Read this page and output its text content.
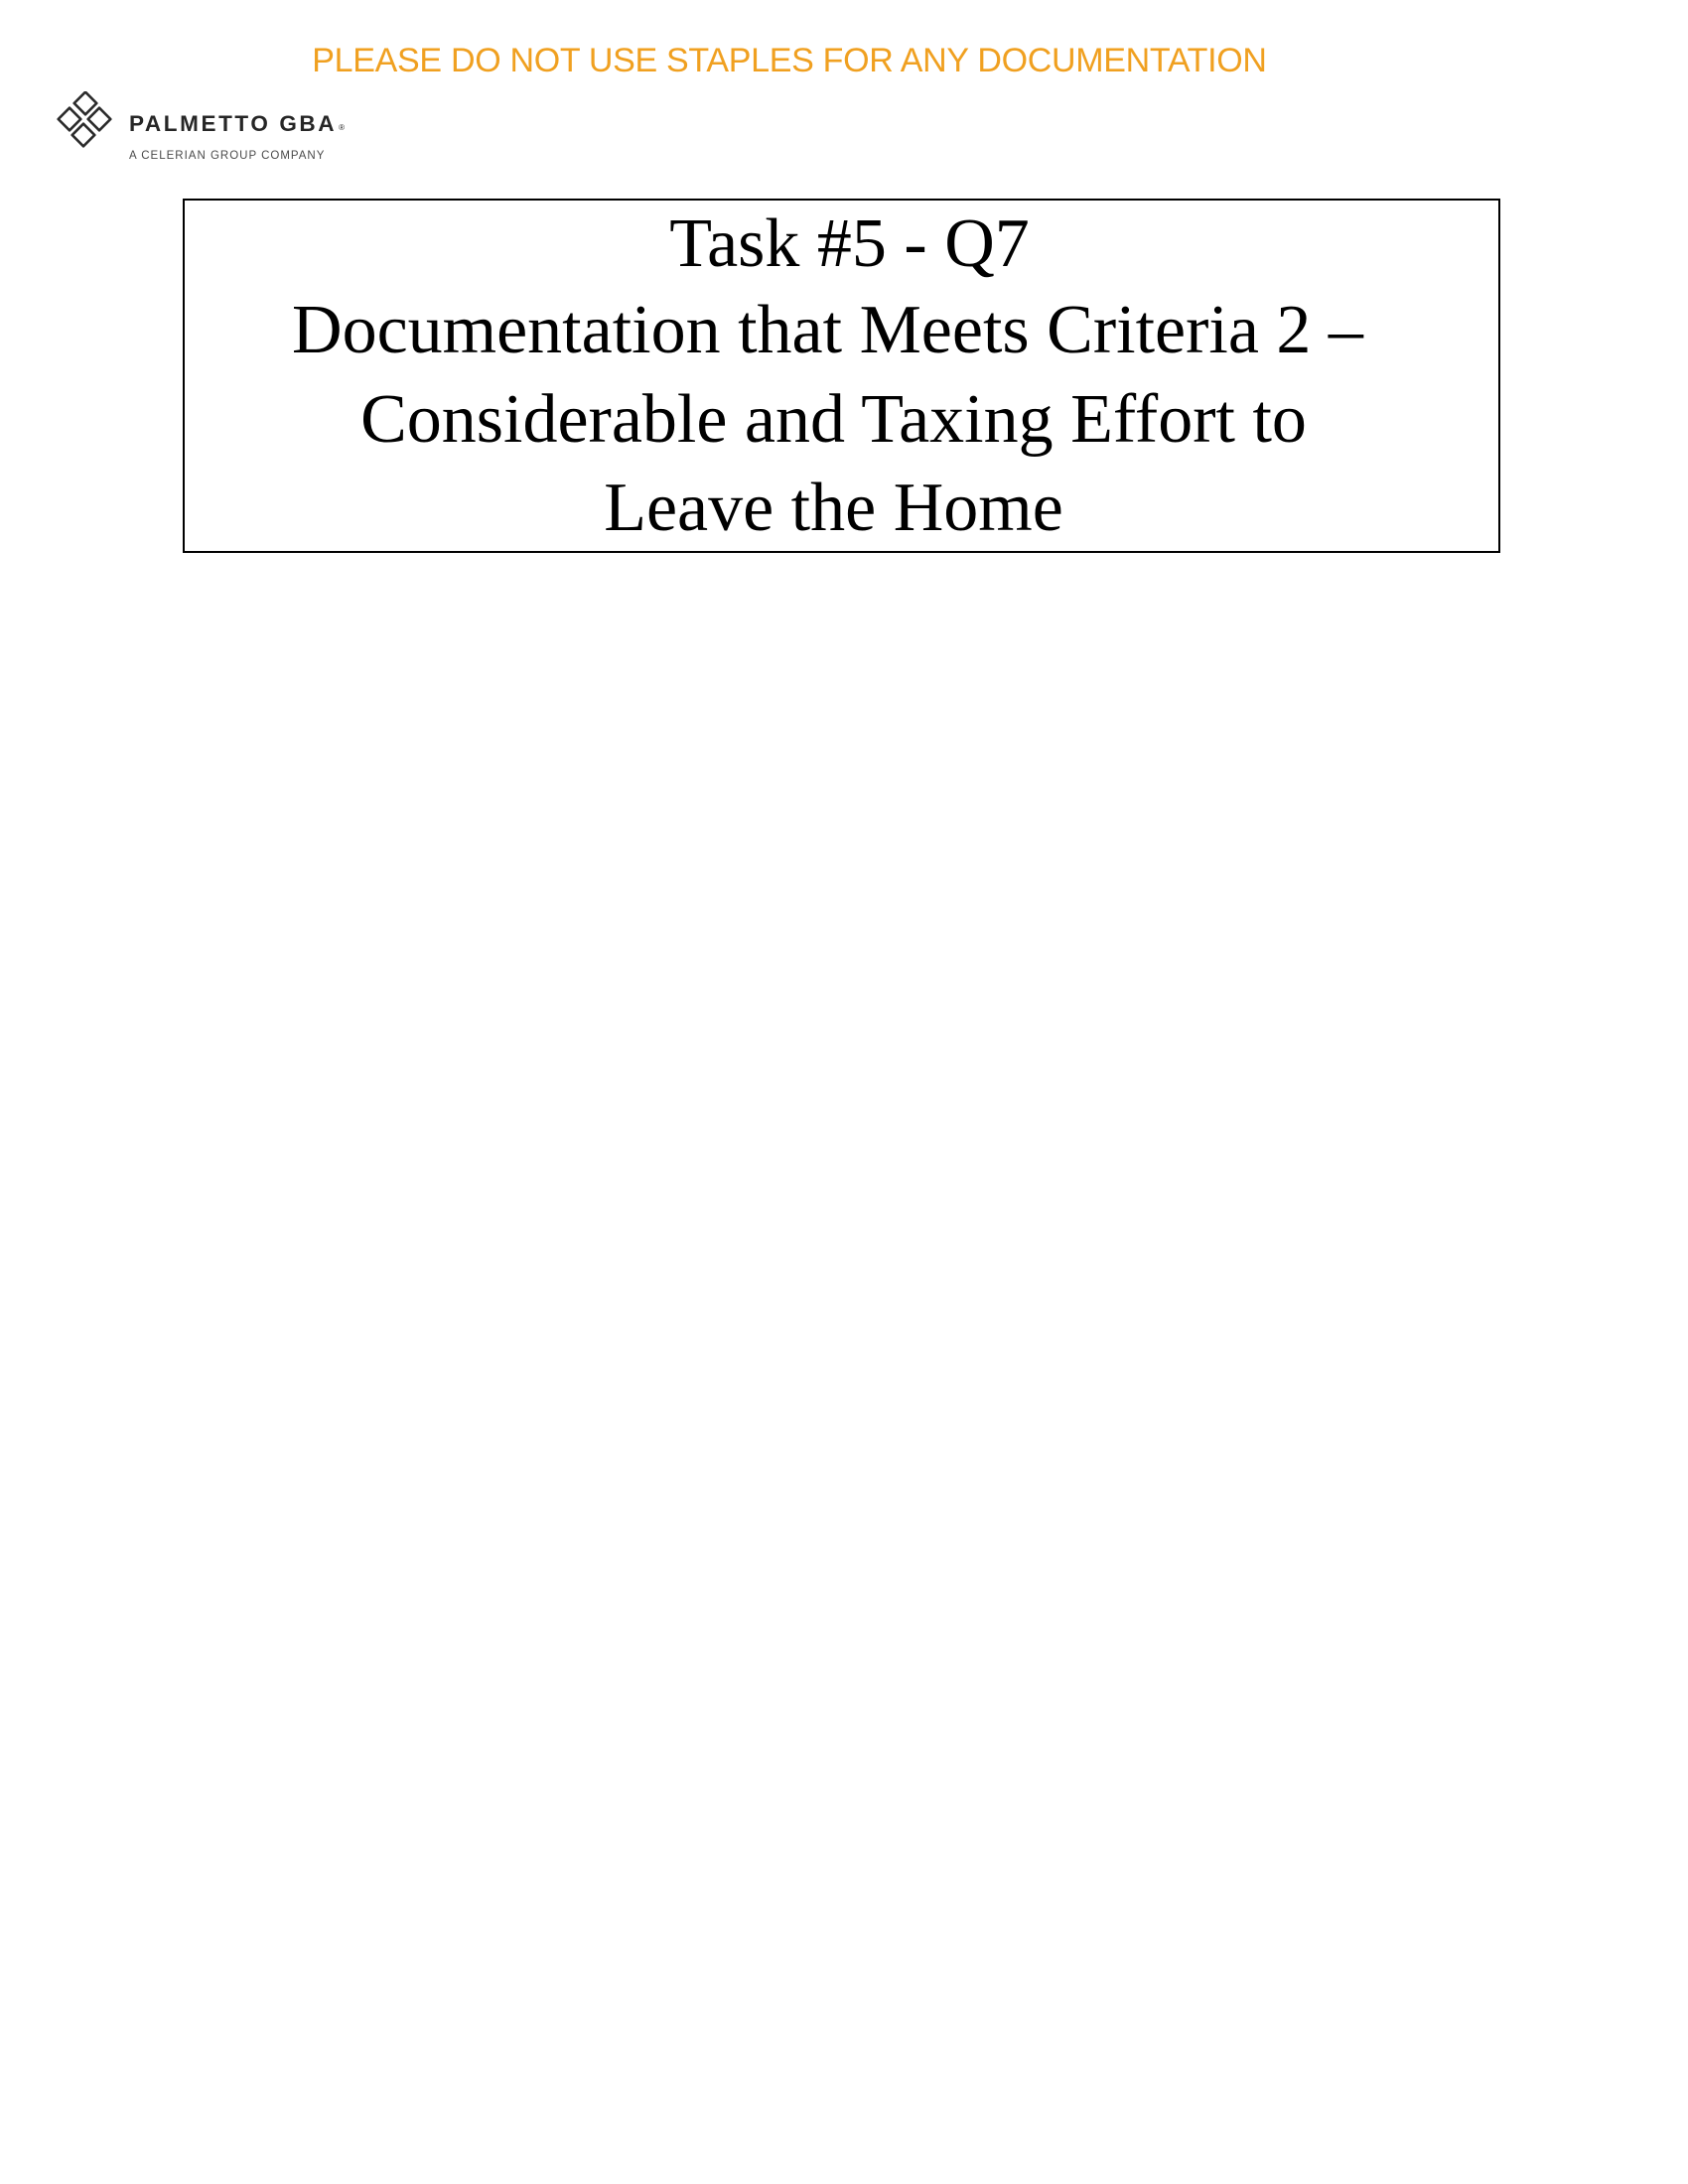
PLEASE DO NOT USE STAPLES FOR ANY DOCUMENTATION
PALMETTO GBA ®
A CELERIAN GROUP COMPANY
Task #5 - Q7
Documentation that Meets Criteria 2 –
Considerable and Taxing Effort to
Leave the Home
